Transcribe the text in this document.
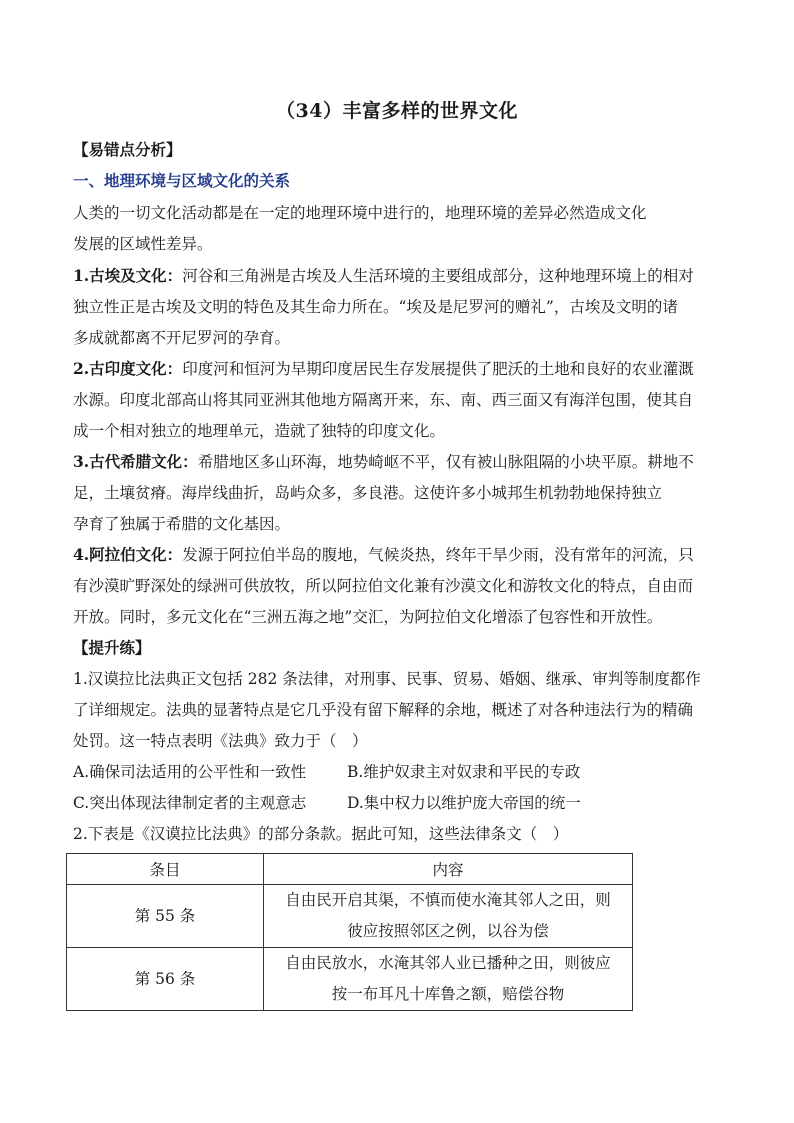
（34）丰富多样的世界文化
【易错点分析】
一、地理环境与区域文化的关系
人类的一切文化活动都是在一定的地理环境中进行的，地理环境的差异必然造成文化
发展的区域性差异。
1.古埃及文化：河谷和三角洲是古埃及人生活环境的主要组成部分，这种地理环境上的相对
独立性正是古埃及文明的特色及其生命力所在。“埃及是尼罗河的赠礼”，古埃及文明的诸
多成就都离不开尼罗河的孕育。
2.古印度文化：印度河和恒河为早期印度居民生存发展提供了肥沃的土地和良好的农业灌溉
水源。印度北部高山将其同亚洲其他地方隔离开来，东、南、西三面又有海洋包围，使其自
成一个相对独立的地理单元，造就了独特的印度文化。
3.古代希腊文化：希腊地区多山环海，地势崎岖不平，仅有被山脉阻隔的小块平原。耕地不
足，土壤贫瘠。海岸线曲折，岛屿众多，多良港。这使许多小城邦生机勃勃地保持独立
孕育了独属于希腊的文化基因。
4.阿拉伯文化：发源于阿拉伯半岛的腹地，气候炎热，终年干旱少雨，没有常年的河流，只
有沙漠旷野深处的绿洲可供放牧，所以阿拉伯文化兼有沙漠文化和游牧文化的特点，自由而
开放。同时，多元文化在“三洲五海之地”交汇，为阿拉伯文化增添了包容性和开放性。
【提升练】
1.汉谟拉比法典正文包括 282 条法律，对刑事、民事、贸易、婚姻、继承、审判等制度都作
了详细规定。法典的显著特点是它几乎没有留下解释的余地，概述了对各种违法行为的精确
处罚。这一特点表明《法典》致力于（　）
A.确保司法适用的公平性和一致性	B.维护奴隶主对奴隶和平民的专政
C.突出体现法律制定者的主观意志	D.集中权力以维护庞大帝国的统一
2.下表是《汉谟拉比法典》的部分条款。据此可知，这些法律条文（　）
条目	内容
第 55 条	自由民开启其渠，不慎而使水淹其邻人之田，则
彼应按照邻区之例，以谷为偿

第 56 条	自由民放水，水淹其邻人业已播种之田，则彼应
按一布耳凡十库鲁之额，赔偿谷物
